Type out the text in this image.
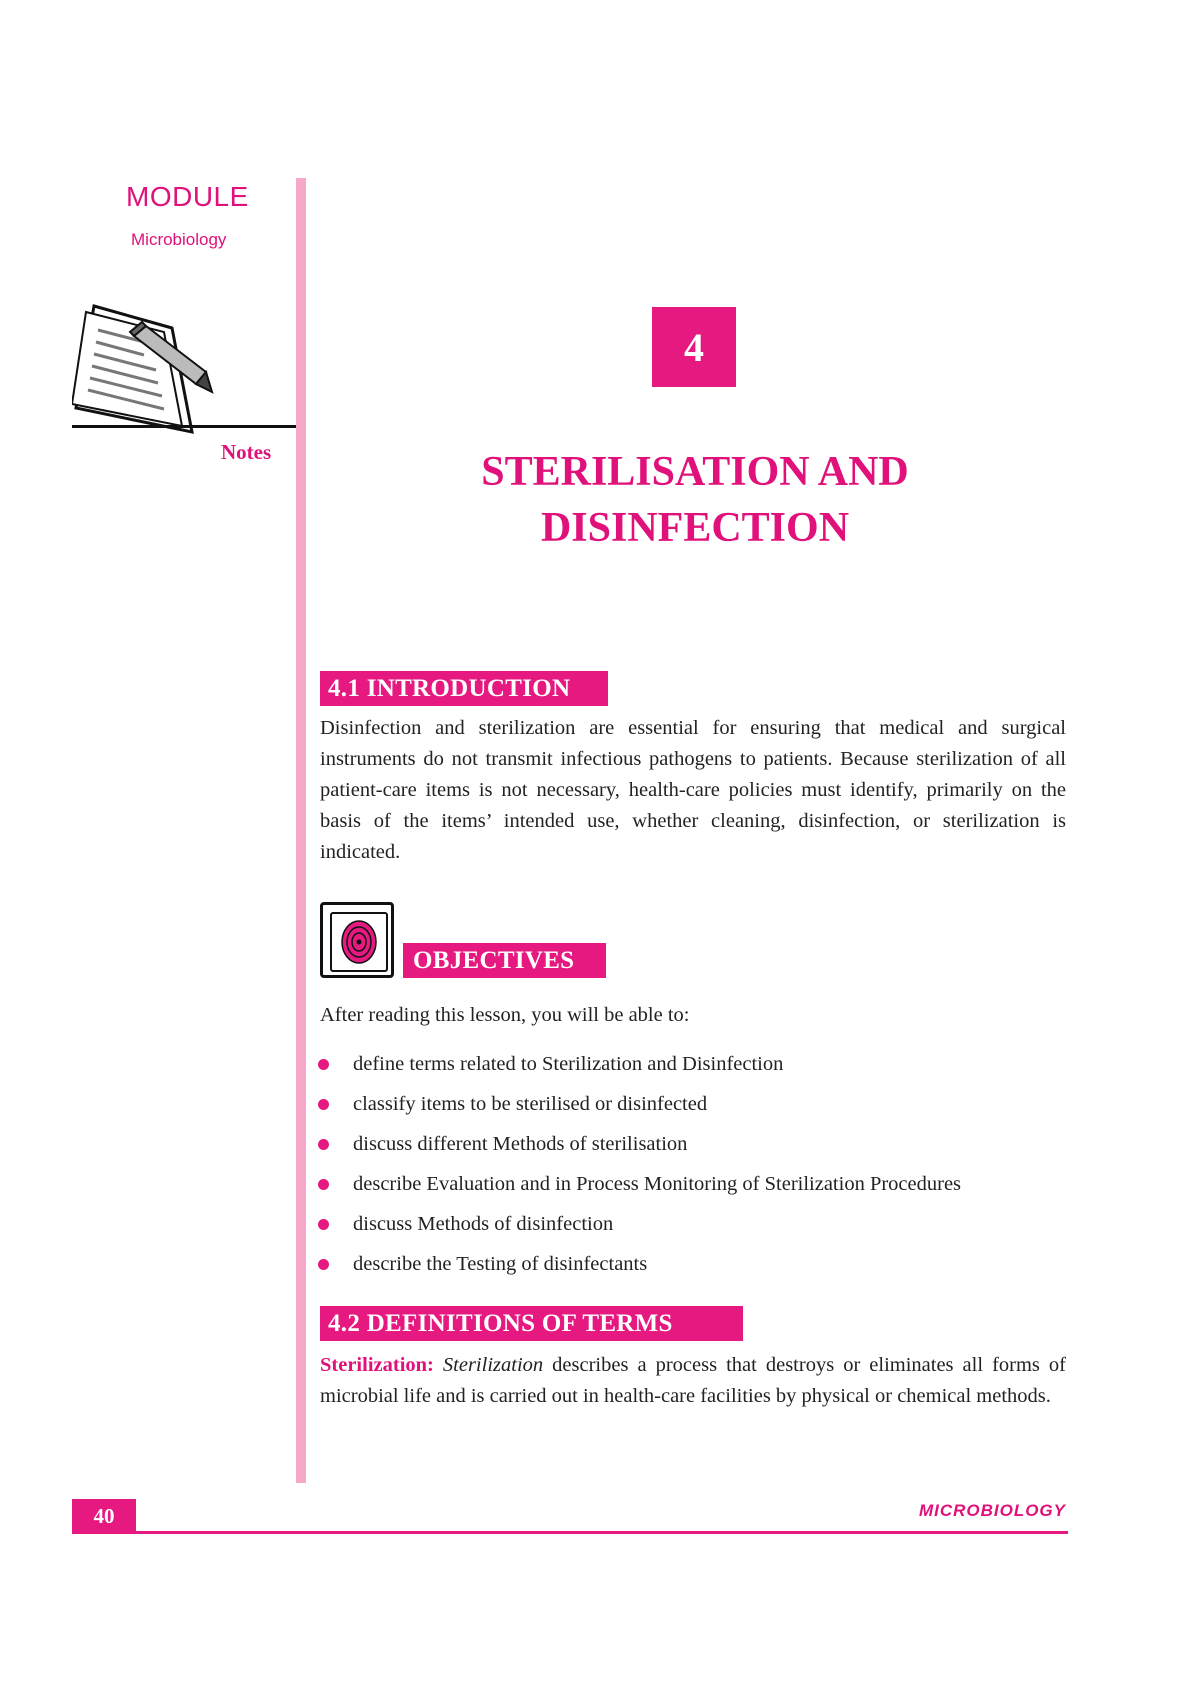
MODULE
Microbiology
Notes
4
STERILISATION AND
DISINFECTION
4.1 INTRODUCTION
Disinfection and sterilization are essential for ensuring that medical and surgical instruments do not transmit infectious pathogens to patients. Because sterilization of all patient-care items is not necessary, health-care policies must identify, primarily on the basis of the items’ intended use, whether cleaning, disinfection, or sterilization is indicated.
OBJECTIVES
After reading this lesson, you will be able to:
define terms related to Sterilization and Disinfection
classify items to be sterilised or disinfected
discuss different Methods of sterilisation
describe Evaluation and in Process Monitoring of Sterilization Procedures
discuss Methods of disinfection
describe the Testing of disinfectants
4.2 DEFINITIONS OF TERMS
Sterilization: Sterilization describes a process that destroys or eliminates all forms of microbial life and is carried out in health-care facilities by physical or chemical methods.
40	MICROBIOLOGY
